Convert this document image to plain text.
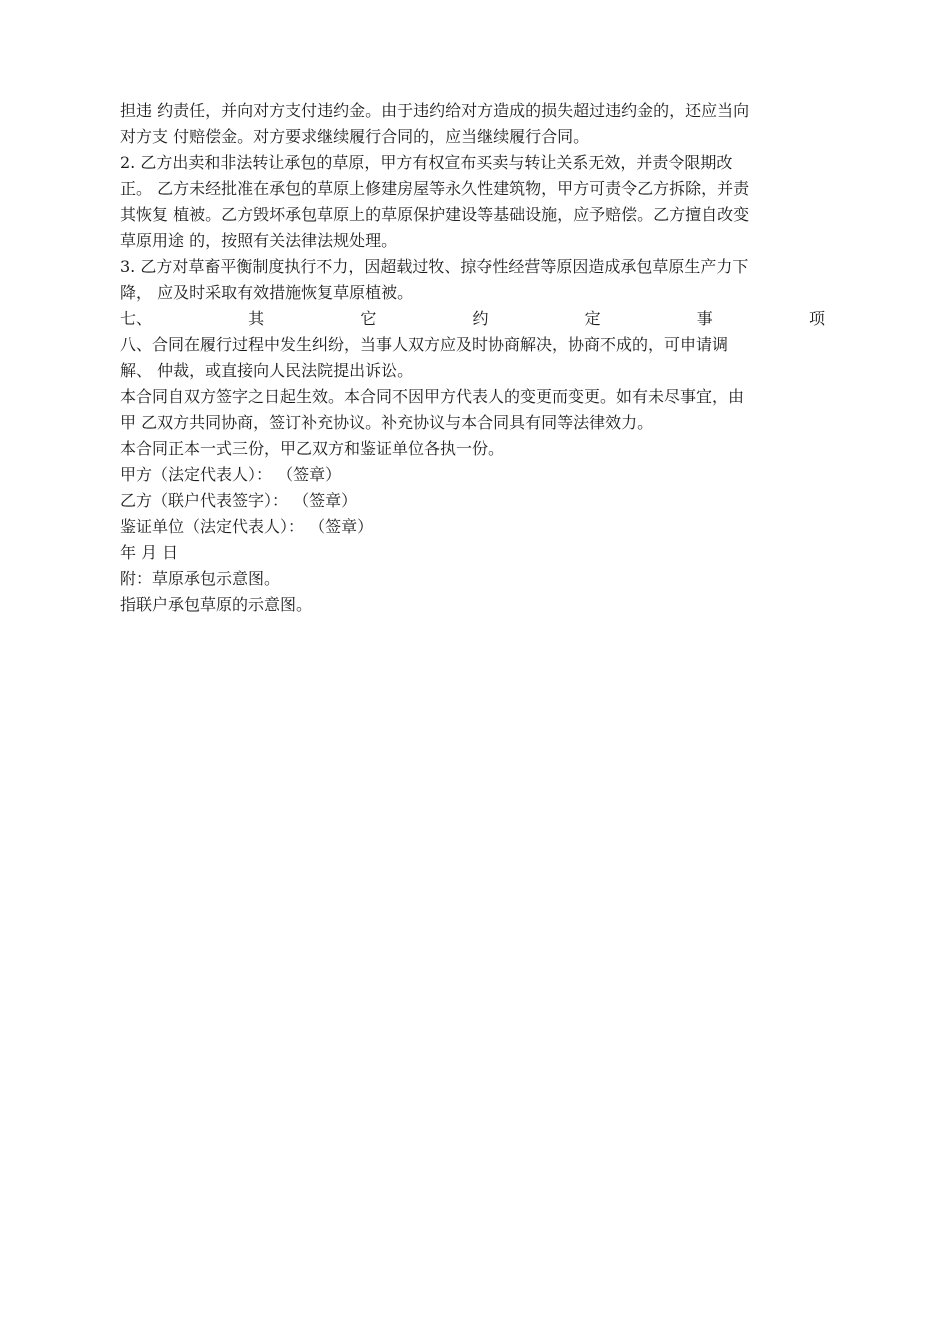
担违 约责任，并向对方支付违约金。由于违约给对方造成的损失超过违约金的，还应当向
对方支 付赔偿金。对方要求继续履行合同的，应当继续履行合同。
2. 乙方出卖和非法转让承包的草原，甲方有权宣布买卖与转让关系无效，并责令限期改
正。 乙方未经批准在承包的草原上修建房屋等永久性建筑物，甲方可责令乙方拆除，并责
其恢复 植被。乙方毁坏承包草原上的草原保护建设等基础设施，应予赔偿。乙方擅自改变
草原用途 的，按照有关法律法规处理。
3. 乙方对草畜平衡制度执行不力，因超载过牧、掠夺性经营等原因造成承包草原生产力下
降， 应及时采取有效措施恢复草原植被。
七、	其	它	约	定	事	项
八、合同在履行过程中发生纠纷，当事人双方应及时协商解决，协商不成的，可申请调
解、 仲裁，或直接向人民法院提出诉讼。
本合同自双方签字之日起生效。本合同不因甲方代表人的变更而变更。如有未尽事宜，由
甲 乙双方共同协商，签订补充协议。补充协议与本合同具有同等法律效力。
本合同正本一式三份，甲乙双方和鉴证单位各执一份。
甲方（法定代表人）： （签章）
乙方（联户代表签字）： （签章）
鉴证单位（法定代表人）： （签章）
年 月 日
附：草原承包示意图。
指联户承包草原的示意图。
